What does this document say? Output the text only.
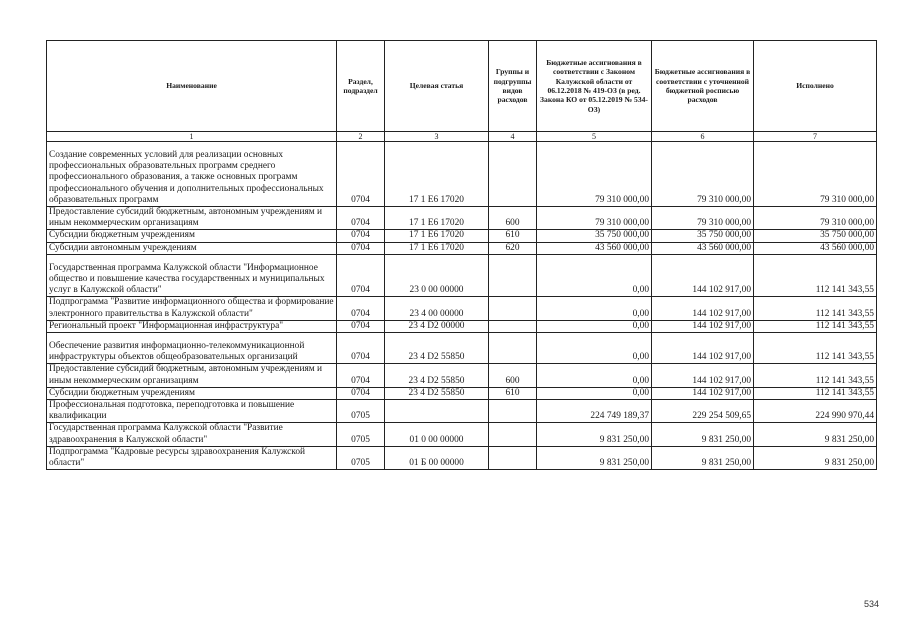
Наименование	Раздел, подраздел	Целевая статья	Группы и подгруппы видов расходов	Бюджетные ассигнования в соответствии с Законом Калужской области от 06.12.2018 № 419-ОЗ (в ред. Закона КО от 05.12.2019 № 534-ОЗ)	Бюджетные ассигнования в соответствии с уточненной бюджетной росписью расходов	Исполнено
1	2	3	4	5	6	7
Создание современных условий для реализации основных профессиональных образовательных программ среднего профессионального образования, а также основных программ профессионального обучения и дополнительных профессиональных образовательных программ	0704	17 1 Е6 17020		79 310 000,00	79 310 000,00	79 310 000,00
Предоставление субсидий бюджетным, автономным учреждениям и иным некоммерческим организациям	0704	17 1 Е6 17020	600	79 310 000,00	79 310 000,00	79 310 000,00
Субсидии бюджетным учреждениям	0704	17 1 Е6 17020	610	35 750 000,00	35 750 000,00	35 750 000,00
Субсидии автономным учреждениям	0704	17 1 Е6 17020	620	43 560 000,00	43 560 000,00	43 560 000,00
Государственная программа Калужской области "Информационное общество и повышение качества государственных и муниципальных услуг в Калужской области"	0704	23 0 00 00000		0,00	144 102 917,00	112 141 343,55
Подпрограмма "Развитие информационного общества и формирование электронного правительства в Калужской области"	0704	23 4 00 00000		0,00	144 102 917,00	112 141 343,55
Региональный проект "Информационная инфраструктура"	0704	23 4 D2 00000		0,00	144 102 917,00	112 141 343,55
Обеспечение развития информационно-телекоммуникационной инфраструктуры объектов общеобразовательных организаций	0704	23 4 D2 55850		0,00	144 102 917,00	112 141 343,55
Предоставление субсидий бюджетным, автономным учреждениям и иным некоммерческим организациям	0704	23 4 D2 55850	600	0,00	144 102 917,00	112 141 343,55
Субсидии бюджетным учреждениям	0704	23 4 D2 55850	610	0,00	144 102 917,00	112 141 343,55
Профессиональная подготовка, переподготовка и повышение квалификации	0705			224 749 189,37	229 254 509,65	224 990 970,44
Государственная программа Калужской области "Развитие здравоохранения в Калужской области"	0705	01 0 00 00000		9 831 250,00	9 831 250,00	9 831 250,00
Подпрограмма "Кадровые ресурсы здравоохранения Калужской области"	0705	01 Б 00 00000		9 831 250,00	9 831 250,00	9 831 250,00
534
